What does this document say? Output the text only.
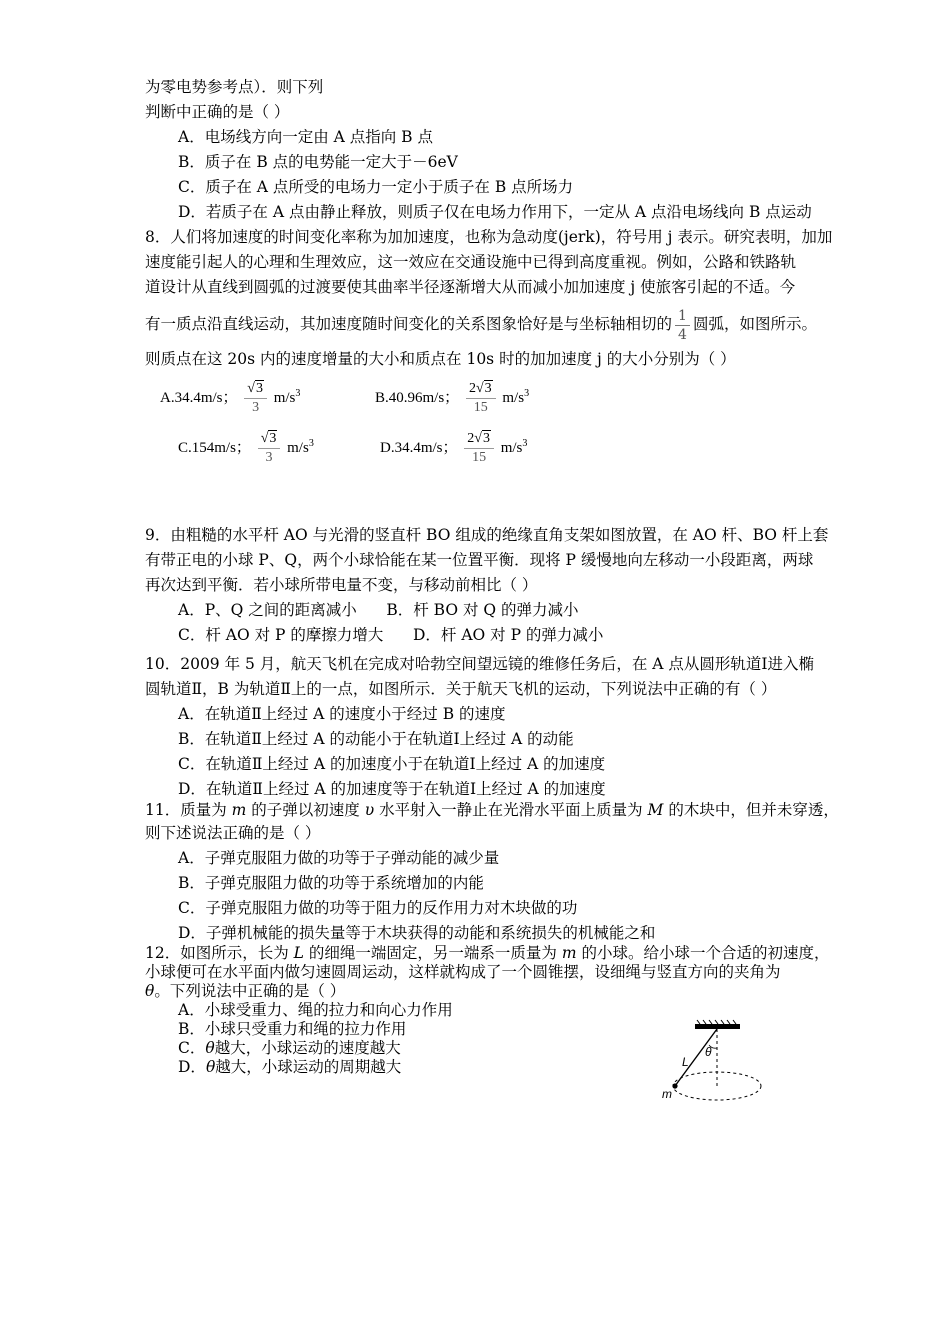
为零电势参考点）．则下列
判断中正确的是（ ）
A．电场线方向一定由 A 点指向 B 点
B．质子在 B 点的电势能一定大于－6eV
C．质子在 A 点所受的电场力一定小于质子在 B 点所场力
D．若质子在 A 点由静止释放，则质子仅在电场力作用下，一定从 A 点沿电场线向 B 点运动
8．人们将加速度的时间变化率称为加加速度，也称为急动度(jerk)，符号用 j 表示。研究表明，加加
速度能引起人的心理和生理效应，这一效应在交通设施中已得到高度重视。例如，公路和铁路轨
道设计从直线到圆弧的过渡要使其曲率半径逐渐增大从而减小加加速度 j 使旅客引起的不适。今
有一质点沿直线运动，其加速度随时间变化的关系图象恰好是与坐标轴相切的 $\frac{1}{4}$ 圆弧，如图所示。
则质点在这 20s 内的速度增量的大小和质点在 10s 时的加加速度 j 的大小分别为（ ）
A.34.4m/s； $\frac{√3}{3} m/s^3$	B.40.96m/s； $\frac{2√3}{15} m/s^3$
C.154m/s； $\frac{√3}{3} m/s^3$	D.34.4m/s； $\frac{2√3}{15} m/s^3$
9．由粗糙的水平杆 AO 与光滑的竖直杆 BO 组成的绝缘直角支架如图放置，在 AO 杆、BO 杆上套
有带正电的小球 P、Q，两个小球恰能在某一位置平衡．现将 P 缓慢地向左移动一小段距离，两球
再次达到平衡．若小球所带电量不变，与移动前相比（ ）
A．P、Q 之间的距离减小      B．杆 BO 对 Q 的弹力减小
C．杆 AO 对 P 的摩擦力增大      D．杆 AO 对 P 的弹力减小
10．2009 年 5 月，航天飞机在完成对哈勃空间望远镜的维修任务后，在 A 点从圆形轨道Ⅰ进入椭
圆轨道Ⅱ，B 为轨道Ⅱ上的一点，如图所示．关于航天飞机的运动，下列说法中正确的有（ ）
A．在轨道Ⅱ上经过 A 的速度小于经过 B 的速度
B．在轨道Ⅱ上经过 A 的动能小于在轨道Ⅰ上经过 A 的动能
C．在轨道Ⅱ上经过 A 的加速度小于在轨道Ⅰ上经过 A 的加速度
D．在轨道Ⅱ上经过 A 的加速度等于在轨道Ⅰ上经过 A 的加速度
11．质量为 m 的子弹以初速度 υ 水平射入一静止在光滑水平面上质量为 M 的木块中，但并未穿透，
则下述说法正确的是（ ）
A．子弹克服阻力做的功等于子弹动能的减少量
B．子弹克服阻力做的功等于系统增加的内能
C．子弹克服阻力做的功等于阻力的反作用力对木块做的功
D．子弹机械能的损失量等于木块获得的动能和系统损失的机械能之和
12．如图所示，长为 L 的细绳一端固定，另一端系一质量为 m 的小球。给小球一个合适的初速度，
小球便可在水平面内做匀速圆周运动，这样就构成了一个圆锥摆，设细绳与竖直方向的夹角为
θ。下列说法中正确的是（ ）
A．小球受重力、绳的拉力和向心力作用
B．小球只受重力和绳的拉力作用
C．θ越大，小球运动的速度越大
D．θ越大，小球运动的周期越大
θ
L
m
